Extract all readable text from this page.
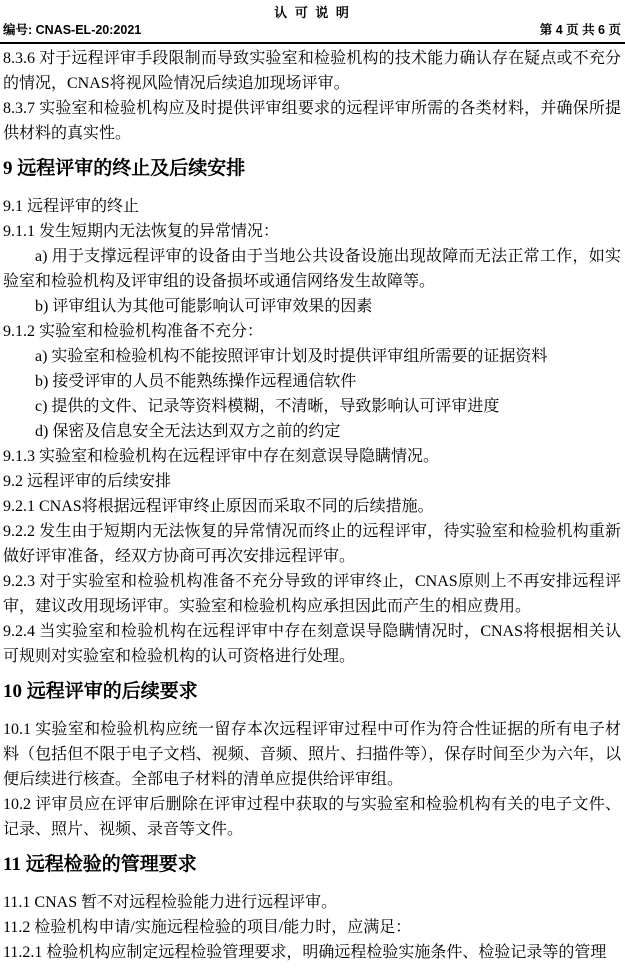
认 可 说 明
编号: CNAS-EL-20:2021	第 4 页 共 6 页

8.3.6 对于远程评审手段限制而导致实验室和检验机构的技术能力确认存在疑点或不充分的情况，CNAS将视风险情况后续追加现场评审。

8.3.7 实验室和检验机构应及时提供评审组要求的远程评审所需的各类材料，并确保所提供材料的真实性。

9 远程评审的终止及后续安排

9.1 远程评审的终止

9.1.1 发生短期内无法恢复的异常情况：

a) 用于支撑远程评审的设备由于当地公共设备设施出现故障而无法正常工作，如实验室和检验机构及评审组的设备损坏或通信网络发生故障等。

b) 评审组认为其他可能影响认可评审效果的因素

9.1.2 实验室和检验机构准备不充分：

a) 实验室和检验机构不能按照评审计划及时提供评审组所需要的证据资料

b) 接受评审的人员不能熟练操作远程通信软件

c) 提供的文件、记录等资料模糊，不清晰，导致影响认可评审进度

d) 保密及信息安全无法达到双方之前的约定

9.1.3 实验室和检验机构在远程评审中存在刻意误导隐瞒情况。

9.2 远程评审的后续安排

9.2.1 CNAS将根据远程评审终止原因而采取不同的后续措施。

9.2.2 发生由于短期内无法恢复的异常情况而终止的远程评审，待实验室和检验机构重新做好评审准备，经双方协商可再次安排远程评审。

9.2.3 对于实验室和检验机构准备不充分导致的评审终止，CNAS原则上不再安排远程评审，建议改用现场评审。实验室和检验机构应承担因此而产生的相应费用。

9.2.4 当实验室和检验机构在远程评审中存在刻意误导隐瞒情况时，CNAS将根据相关认可规则对实验室和检验机构的认可资格进行处理。

10 远程评审的后续要求

10.1 实验室和检验机构应统一留存本次远程评审过程中可作为符合性证据的所有电子材料（包括但不限于电子文档、视频、音频、照片、扫描件等），保存时间至少为六年，以便后续进行核查。全部电子材料的清单应提供给评审组。

10.2 评审员应在评审后删除在评审过程中获取的与实验室和检验机构有关的电子文件、记录、照片、视频、录音等文件。

11 远程检验的管理要求

11.1 CNAS 暂不对远程检验能力进行远程评审。

11.2 检验机构申请/实施远程检验的项目/能力时，应满足：

11.2.1 检验机构应制定远程检验管理要求，明确远程检验实施条件、检验记录等的管理
